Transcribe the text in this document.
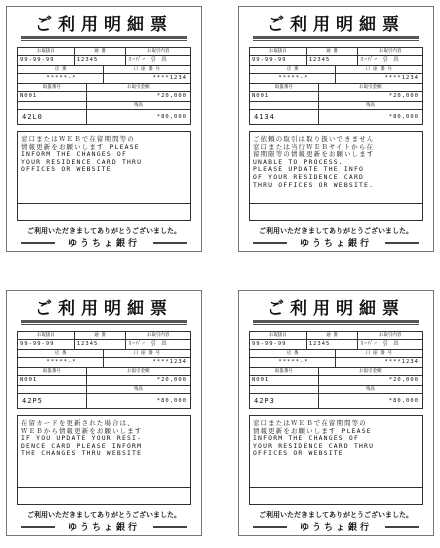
ご利用明細票
お取扱日	通 番	お取引内容
99-99-99	12345	ｽｰﾊﾟｰ 引 出
店 番	口 座 番 号
*****-*	****1234
取扱番号	お取引金額
N001	*20,000
残高
42L0	*80,000
窓口またはＷＥＢで在留期間等の
情報更新をお願いします PLEASE
INFORM THE CHANGES OF
YOUR RESIDENCE CARD THRU
OFFICES OR WEBSITE
ご利用いただきましてありがとうございました。
ゆうちょ銀行
ご利用明細票
お取扱日	通 番	お取引内容
99-99-99	12345	ｽｰﾊﾟｰ 引 出
店 番	口 座 番 号
*****-*	****1234
取扱番号	お取引金額
N001	*20,000
残高
4134	*80,000
ご依頼の取引は取り扱いできません
窓口または当行ＷＥＢサイトから在
留期限等の情報更新をお願いします
UNABLE TO PROCESS.
PLEASE UPDATE THE INFO
OF YOUR RESIDENCE CARD
THRU OFFICES OR WEBSITE.
ご利用いただきましてありがとうございました。
ゆうちょ銀行
ご利用明細票
お取扱日	通 番	お取引内容
99-99-99	12345	ｽｰﾊﾟｰ 引 出
店 番	口 座 番 号
*****-*	****1234
取扱番号	お取引金額
N001	*20,000
残高
42P5	*80,000
在留カードを更新された場合は、
ＷＥＢから情報更新をお願いします
IF YOU UPDATE YOUR RESI-
DENCE CARD PLEASE INFORM
THE CHANGES THRU WEBSITE
ご利用いただきましてありがとうございました。
ゆうちょ銀行
ご利用明細票
お取扱日	通 番	お取引内容
99-99-99	12345	ｽｰﾊﾟｰ 引 出
店 番	口 座 番 号
*****-*	****1234
取扱番号	お取引金額
N001	*20,000
残高
42P3	*80,000
窓口またはＷＥＢで在留期間等の
情報更新をお願いします PLEASE
INFORM THE CHANGES OF
YOUR RESIDENCE CARD THRU
OFFICES OR WEBSITE
ご利用いただきましてありがとうございました。
ゆうちょ銀行
